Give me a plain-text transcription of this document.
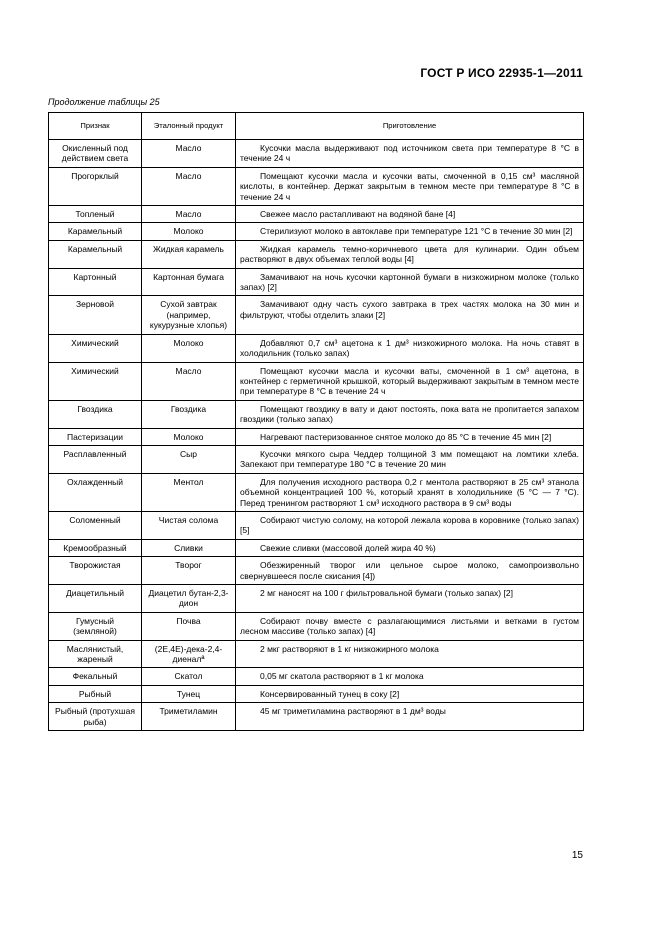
ГОСТ Р ИСО 22935-1—2011
Продолжение таблицы 25
Признак	Эталонный продукт	Приготовление
Окисленный под действием света	Масло	Кусочки масла выдерживают под источником света при температуре 8 °С в течение 24 ч
Прогорклый	Масло	Помещают кусочки масла и кусочки ваты, смоченной в 0,15 см³ масляной кислоты, в контейнер. Держат закрытым в темном месте при температуре 8 °С в течение 24 ч
Топленый	Масло	Свежее масло растапливают на водяной бане [4]
Карамельный	Молоко	Стерилизуют молоко в автоклаве при температуре 121 °С в течение 30 мин [2]
Карамельный	Жидкая карамель	Жидкая карамель темно-коричневого цвета для кулинарии. Один объем растворяют в двух объемах теплой воды [4]
Картонный	Картонная бумага	Замачивают на ночь кусочки картонной бумаги в низкожирном молоке (только запах) [2]
Зерновой	Сухой завтрак (например, кукурузные хлопья)	Замачивают одну часть сухого завтрака в трех частях молока на 30 мин и фильтруют, чтобы отделить злаки [2]
Химический	Молоко	Добавляют 0,7 см³ ацетона к 1 дм³ низкожирного молока. На ночь ставят в холодильник (только запах)
Химический	Масло	Помещают кусочки масла и кусочки ваты, смоченной в 1 см³ ацетона, в контейнер с герметичной крышкой, который выдерживают закрытым в темном месте при температуре 8 °С в течение 24 ч
Гвоздика	Гвоздика	Помещают гвоздику в вату и дают постоять, пока вата не пропитается запахом гвоздики (только запах)
Пастеризации	Молоко	Нагревают пастеризованное снятое молоко до 85 °С в течение 45 мин [2]
Расплавленный	Сыр	Кусочки мягкого сыра Чеддер толщиной 3 мм помещают на ломтики хлеба. Запекают при температуре 180 °С в течение 20 мин
Охлажденный	Ментол	Для получения исходного раствора 0,2 г ментола растворяют в 25 см³ этанола объемной концентрацией 100 %, который хранят в холодильнике (5 °С — 7 °С). Перед тренингом растворяют 1 см³ исходного раствора в 9 см³ воды
Соломенный	Чистая солома	Собирают чистую солому, на которой лежала корова в коровнике (только запах) [5]
Кремообразный	Сливки	Свежие сливки (массовой долей жира 40 %)
Творожистая	Творог	Обезжиренный творог или цельное сырое молоко, самопроизвольно свернувшееся после скисания [4])
Диацетильный	Диацетил бутан-2,3-дион	2 мг наносят на 100 г фильтровальной бумаги (только запах) [2]
Гумусный (земляной)	Почва	Собирают почву вместе с разлагающимися листьями и ветками в густом лесном массиве (только запах) [4]
Маслянистый, жареный	(2E,4E)-дека-2,4-диеналª	2 мкг растворяют в 1 кг низкожирного молока
Фекальный	Скатол	0,05 мг скатола растворяют в 1 кг молока
Рыбный	Тунец	Консервированный тунец в соку [2]
Рыбный (протухшая рыба)	Триметиламин	45 мг триметиламина растворяют в 1 дм³ воды
15
